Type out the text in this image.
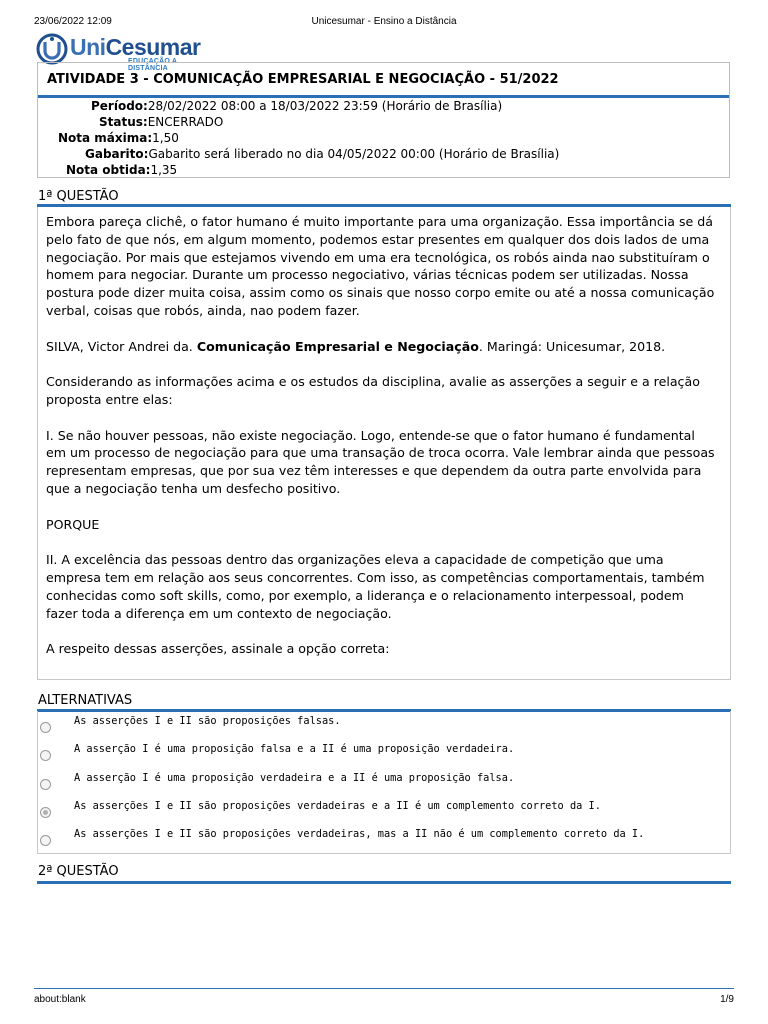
23/06/2022 12:09	Unicesumar - Ensino a Distância
UniCesumar
EDUCAÇÃO A DISTÂNCIA
ATIVIDADE 3 - COMUNICAÇÃO EMPRESARIAL E NEGOCIAÇÃO - 51/2022
Período:28/02/2022 08:00 a 18/03/2022 23:59 (Horário de Brasília)
Status:ENCERRADO
Nota máxima:1,50
Gabarito:Gabarito será liberado no dia 04/05/2022 00:00 (Horário de Brasília)
Nota obtida:1,35
1ª QUESTÃO

Embora pareça clichê, o fator humano é muito importante para uma organização. Essa importância se dá pelo fato de que nós, em algum momento, podemos estar presentes em qualquer dos dois lados de uma negociação. Por mais que estejamos vivendo em uma era tecnológica, os robós ainda nao substituíram o homem para negociar. Durante um processo negociativo, várias técnicas podem ser utilizadas. Nossa postura pode dizer muita coisa, assim como os sinais que nosso corpo emite ou até a nossa comunicação verbal, coisas que robós, ainda, nao podem fazer.

SILVA, Victor Andrei da. Comunicação Empresarial e Negociação. Maringá: Unicesumar, 2018.

Considerando as informações acima e os estudos da disciplina, avalie as asserções a seguir e a relação proposta entre elas:

I. Se não houver pessoas, não existe negociação. Logo, entende-se que o fator humano é fundamental em um processo de negociação para que uma transação de troca ocorra. Vale lembrar ainda que pessoas representam empresas, que por sua vez têm interesses e que dependem da outra parte envolvida para que a negociação tenha um desfecho positivo.

PORQUE

II. A excelência das pessoas dentro das organizações eleva a capacidade de competição que uma empresa tem em relação aos seus concorrentes. Com isso, as competências comportamentais, também conhecidas como soft skills, como, por exemplo, a liderança e o relacionamento interpessoal, podem fazer toda a diferença em um contexto de negociação.

A respeito dessas asserções, assinale a opção correta:

ALTERNATIVAS
As asserções I e II são proposições falsas.
A asserção I é uma proposição falsa e a II é uma proposição verdadeira.
A asserção I é uma proposição verdadeira e a II é uma proposição falsa.
As asserções I e II são proposições verdadeiras e a II é um complemento correto da I.
As asserções I e II são proposições verdadeiras, mas a II não é um complemento correto da I.
2ª QUESTÃO
about:blank	1/9
